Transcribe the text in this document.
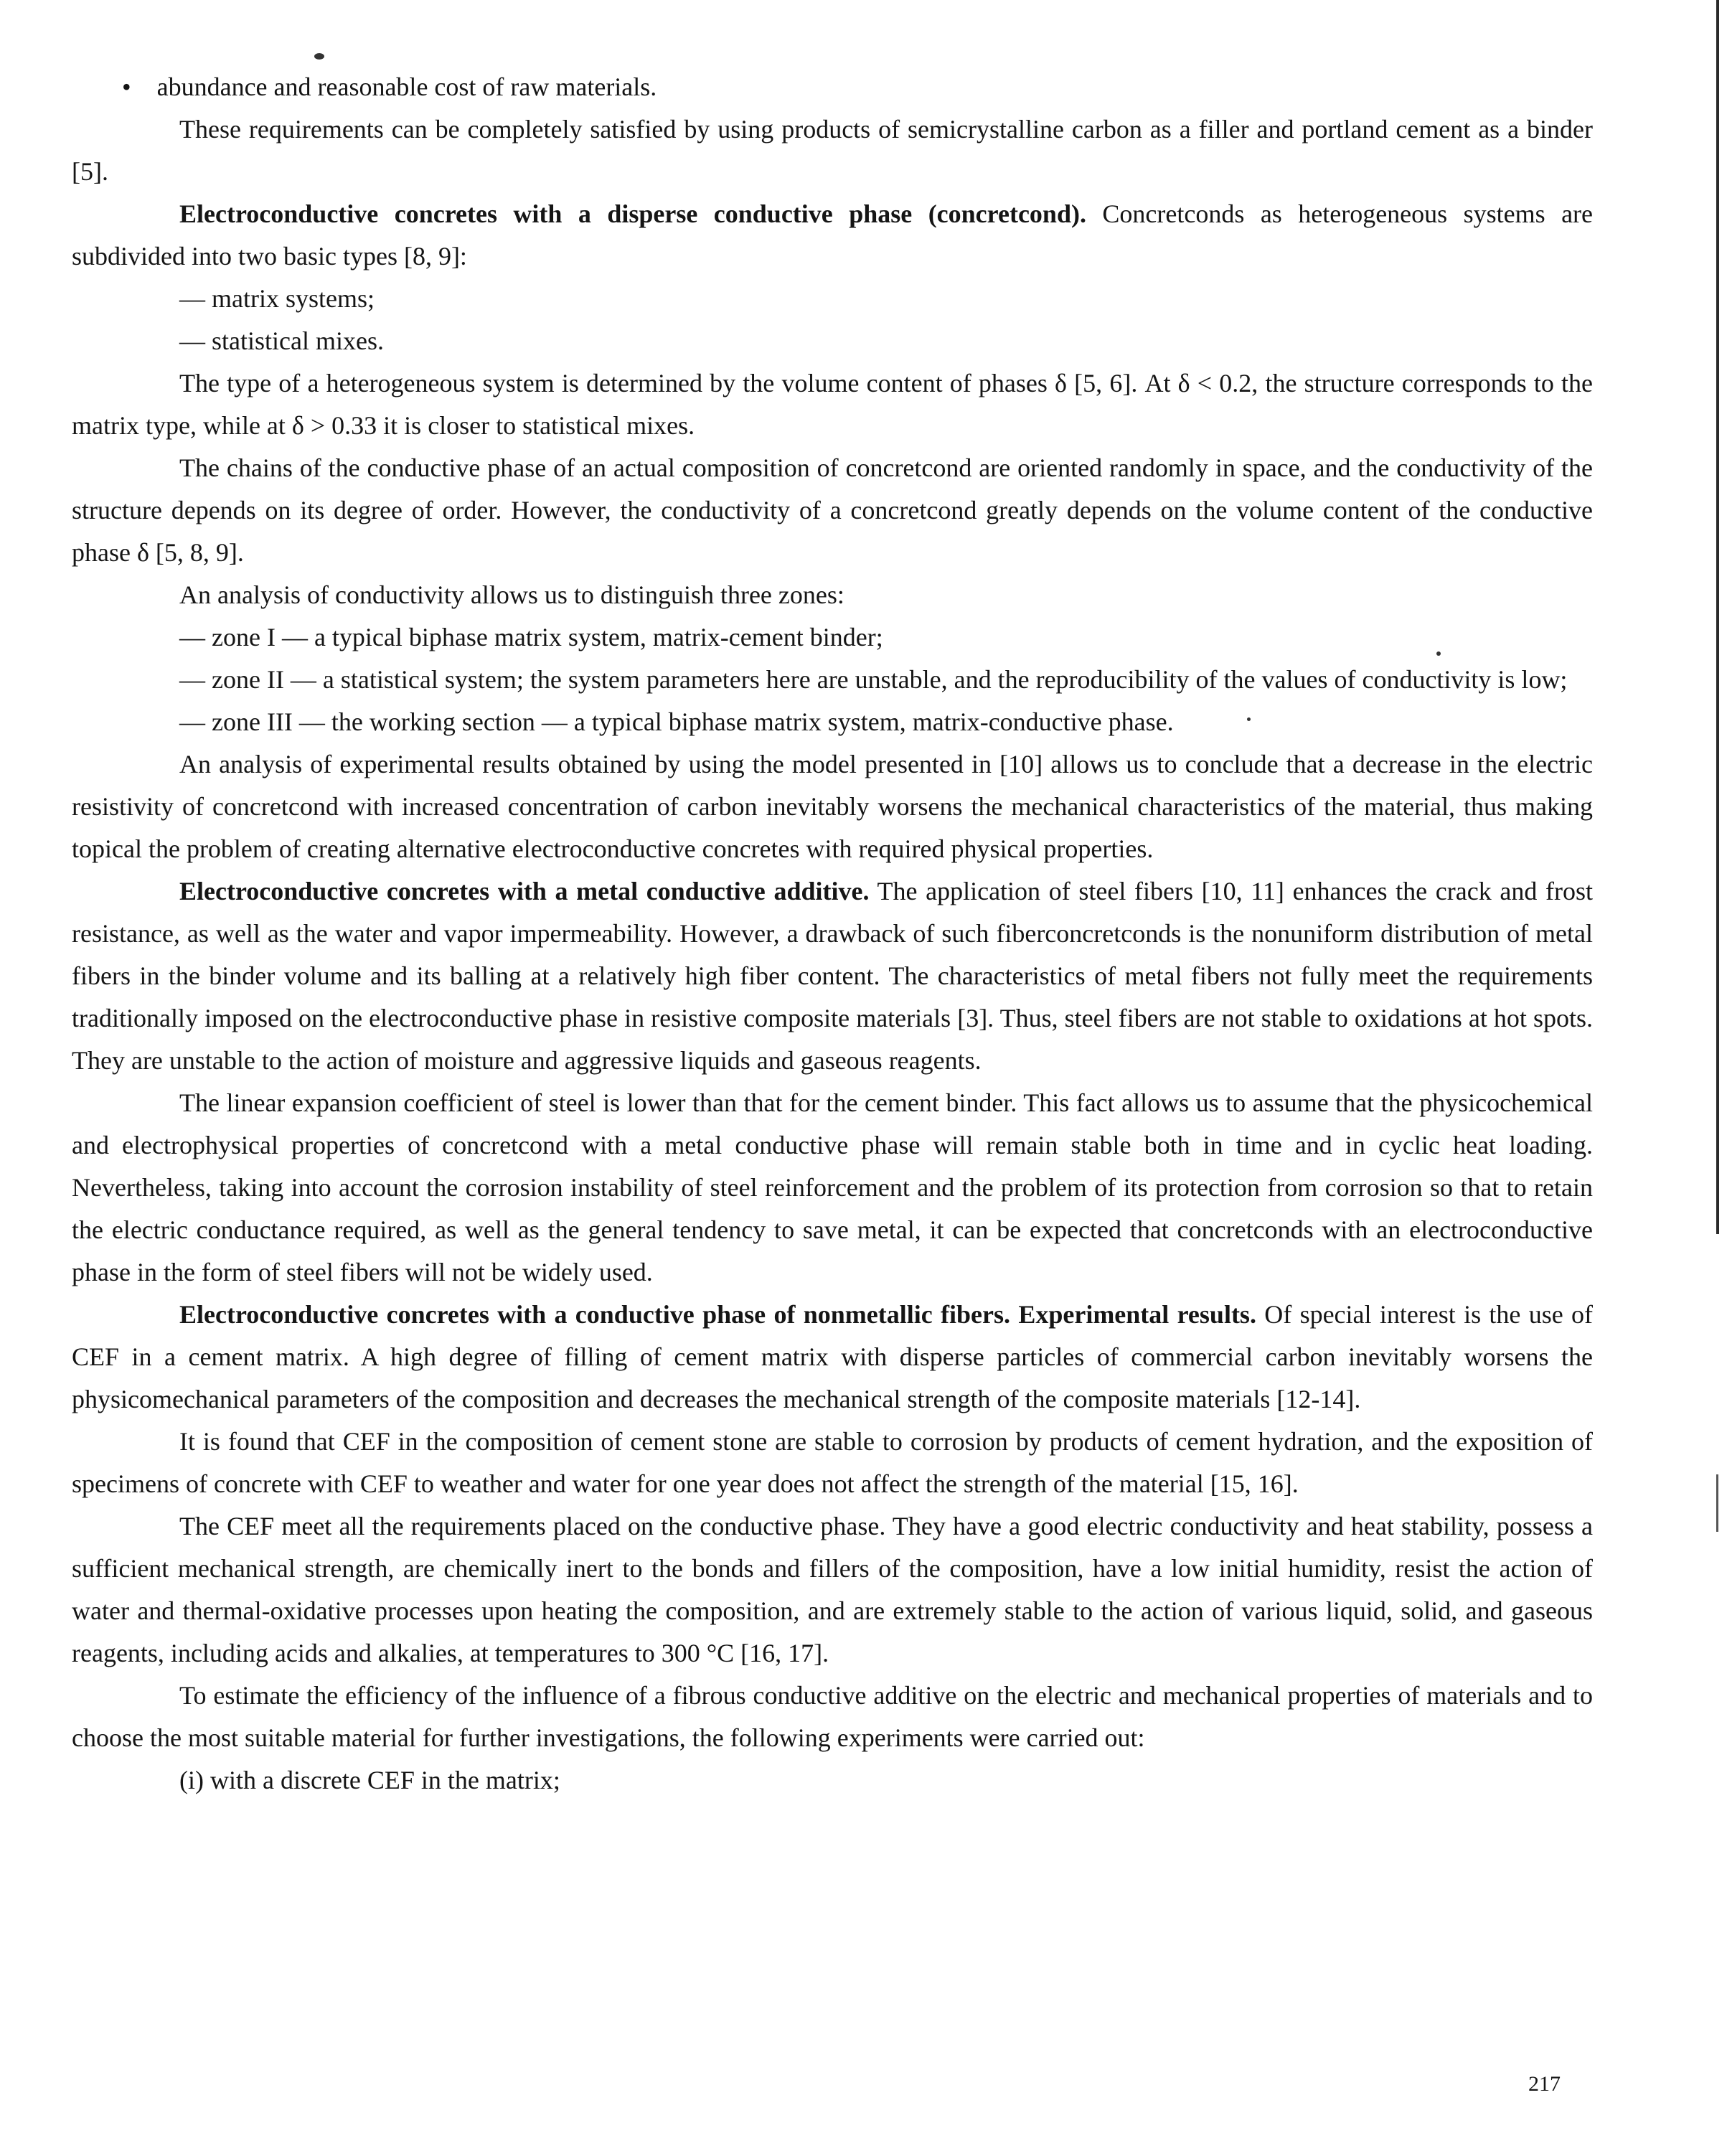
•    abundance and reasonable cost of raw materials.

These requirements can be completely satisfied by using products of semicrystalline carbon as a filler and portland cement as a binder [5].

Electroconductive concretes with a disperse conductive phase (concretcond). Concretconds as heterogeneous systems are subdivided into two basic types [8, 9]:

— matrix systems;

— statistical mixes.

The type of a heterogeneous system is determined by the volume content of phases δ [5, 6]. At δ < 0.2, the structure corresponds to the matrix type, while at δ > 0.33 it is closer to statistical mixes.

The chains of the conductive phase of an actual composition of concretcond are oriented randomly in space, and the conductivity of the structure depends on its degree of order. However, the conductivity of a concretcond greatly depends on the volume content of the conductive phase δ [5, 8, 9].

An analysis of conductivity allows us to distinguish three zones:

— zone I — a typical biphase matrix system, matrix-cement binder;

— zone II — a statistical system; the system parameters here are unstable, and the reproducibility of the values of conductivity is low;

— zone III — the working section — a typical biphase matrix system, matrix-conductive phase.

An analysis of experimental results obtained by using the model presented in [10] allows us to conclude that a decrease in the electric resistivity of concretcond with increased concentration of carbon inevitably worsens the mechanical characteristics of the material, thus making topical the problem of creating alternative electroconductive concretes with required physical properties.

Electroconductive concretes with a metal conductive additive. The application of steel fibers [10, 11] enhances the crack and frost resistance, as well as the water and vapor impermeability. However, a drawback of such fiberconcretconds is the nonuniform distribution of metal fibers in the binder volume and its balling at a relatively high fiber content. The characteristics of metal fibers not fully meet the requirements traditionally imposed on the electroconductive phase in resistive composite materials [3]. Thus, steel fibers are not stable to oxidations at hot spots. They are unstable to the action of moisture and aggressive liquids and gaseous reagents.

The linear expansion coefficient of steel is lower than that for the cement binder. This fact allows us to assume that the physicochemical and electrophysical properties of concretcond with a metal conductive phase will remain stable both in time and in cyclic heat loading. Nevertheless, taking into account the corrosion instability of steel reinforcement and the problem of its protection from corrosion so that to retain the electric conductance required, as well as the general tendency to save metal, it can be expected that concretconds with an electroconductive phase in the form of steel fibers will not be widely used.

Electroconductive concretes with a conductive phase of nonmetallic fibers. Experimental results. Of special interest is the use of CEF in a cement matrix. A high degree of filling of cement matrix with disperse particles of commercial carbon inevitably worsens the physicomechanical parameters of the composition and decreases the mechanical strength of the composite materials [12-14].

It is found that CEF in the composition of cement stone are stable to corrosion by products of cement hydration, and the exposition of specimens of concrete with CEF to weather and water for one year does not affect the strength of the material [15, 16].

The CEF meet all the requirements placed on the conductive phase. They have a good electric conductivity and heat stability, possess a sufficient mechanical strength, are chemically inert to the bonds and fillers of the composition, have a low initial humidity, resist the action of water and thermal-oxidative processes upon heating the composition, and are extremely stable to the action of various liquid, solid, and gaseous reagents, including acids and alkalies, at temperatures to 300 °C [16, 17].

To estimate the efficiency of the influence of a fibrous conductive additive on the electric and mechanical properties of materials and to choose the most suitable material for further investigations, the following experiments were carried out:

(i) with a discrete CEF in the matrix;

217
